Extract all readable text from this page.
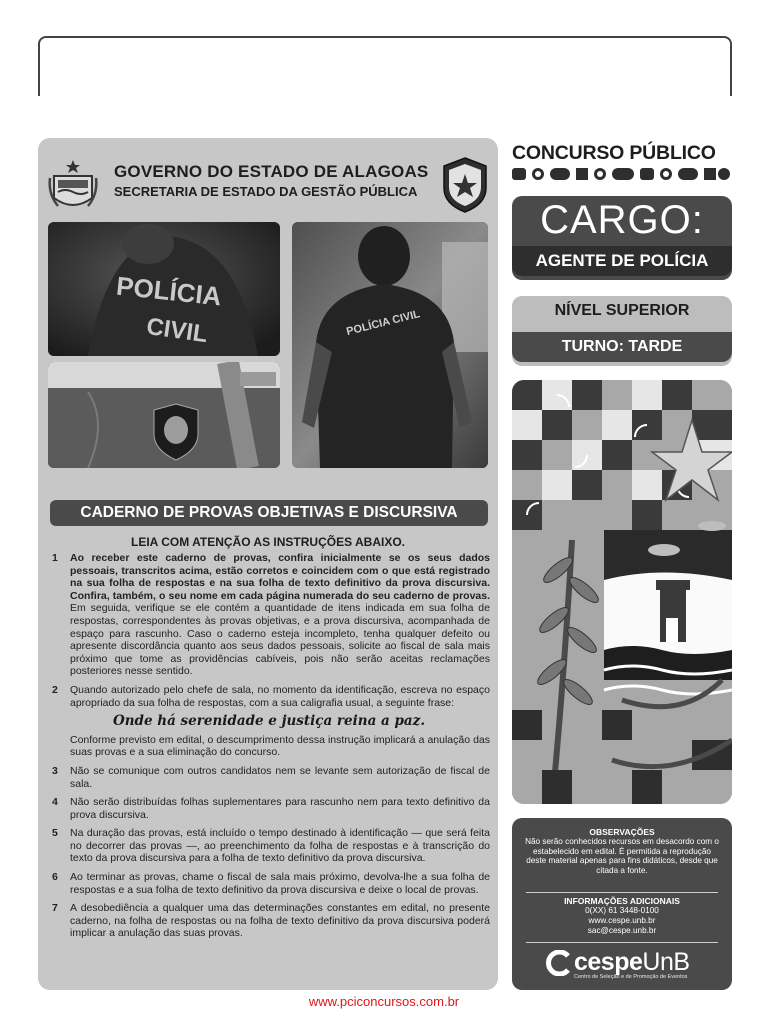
GOVERNO DO ESTADO DE ALAGOAS
SECRETARIA DE ESTADO DA GESTÃO PÚBLICA
POLÍCIA
CIVIL	POLÍCIA CIVIL
CADERNO DE PROVAS OBJETIVAS E DISCURSIVA
LEIA COM ATENÇÃO AS INSTRUÇÕES ABAIXO.
1 Ao receber este caderno de provas, confira inicialmente se os seus dados pessoais, transcritos acima, estão corretos e coincidem com o que está registrado na sua folha de respostas e na sua folha de texto definitivo da prova discursiva. Confira, também, o seu nome em cada página numerada do seu caderno de provas. Em seguida, verifique se ele contém a quantidade de itens indicada em sua folha de respostas, correspondentes às provas objetivas, e a prova discursiva, acompanhada de espaço para rascunho. Caso o caderno esteja incompleto, tenha qualquer defeito ou apresente discordância quanto aos seus dados pessoais, solicite ao fiscal de sala mais próximo que tome as providências cabíveis, pois não serão aceitas reclamações posteriores nesse sentido.
2 Quando autorizado pelo chefe de sala, no momento da identificação, escreva no espaço apropriado da sua folha de respostas, com a sua caligrafia usual, a seguinte frase:
Onde há serenidade e justiça reina a paz.
Conforme previsto em edital, o descumprimento dessa instrução implicará a anulação das suas provas e a sua eliminação do concurso.
3 Não se comunique com outros candidatos nem se levante sem autorização de fiscal de sala.
4 Não serão distribuídas folhas suplementares para rascunho nem para texto definitivo da prova discursiva.
5 Na duração das provas, está incluído o tempo destinado à identificação — que será feita no decorrer das provas —, ao preenchimento da folha de respostas e à transcrição do texto da prova discursiva para a folha de texto definitivo da prova discursiva.
6 Ao terminar as provas, chame o fiscal de sala mais próximo, devolva-lhe a sua folha de respostas e a sua folha de texto definitivo da prova discursiva e deixe o local de provas.
7 A desobediência a qualquer uma das determinações constantes em edital, no presente caderno, na folha de respostas ou na folha de texto definitivo da prova discursiva poderá implicar a anulação das suas provas.
CONCURSO PÚBLICO
CARGO:
AGENTE DE POLÍCIA
NÍVEL SUPERIOR
TURNO: TARDE
OBSERVAÇÕES
Não serão conhecidos recursos em desacordo com o estabelecido em edital. É permitida a reprodução deste material apenas para fins didáticos, desde que citada a fonte.
INFORMAÇÕES ADICIONAIS
0(XX) 61 3448-0100
www.cespe.unb.br
sac@cespe.unb.br
cespeUnB
Centro de Seleção e de Promoção de Eventos
www.pciconcursos.com.br
